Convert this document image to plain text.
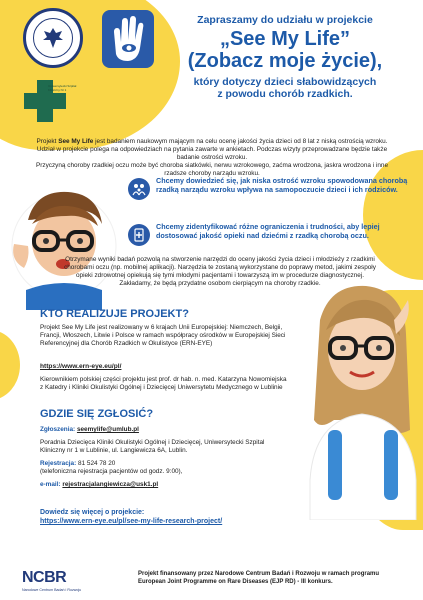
Uniwersytecki Szpital Kliniczny Nr 1
Zapraszamy do udziału w projekcie
„See My Life”
(Zobacz moje życie),
który dotyczy dzieci słabowidzących
z powodu chorób rzadkich.

Projekt See My Life jest badaniem naukowym mającym na celu ocenę jakości życia dzieci od 8 lat z niską ostrością wzroku. Udział w projekcie polega na odpowiedziach na pytania zawarte w ankietach. Podczas wizyty przeprowadzane będzie także badanie ostrości wzroku.

Przyczyną choroby rzadkiej oczu może być choroba siatkówki, nerwu wzrokowego, zaćma wrodzona, jaskra wrodzona i inne rzadsze choroby narządu wzroku.

Chcemy dowiedzieć się, jak niska ostrość wzroku spowodowana chorobą rzadką narządu wzroku wpływa na samopoczucie dzieci i ich rodziców.
Chcemy zidentyfikować różne ograniczenia i trudności, aby lepiej dostosować jakość opieki nad dziećmi z rzadką chorobą oczu.
Otrzymane wyniki badań pozwolą na stworzenie narzędzi do oceny jakości życia dzieci i młodzieży z rzadkimi chorobami oczu (np. mobilnej aplikacji). Narzędzia te zostaną wykorzystane do poprawy metod, jakimi zespoły opieki zdrowotnej opiekują się tymi młodymi pacjentami i towarzyszą im w procedurze diagnostycznej. Zakładamy, że będą przydatne osobom cierpiącym na choroby rzadkie.
KTO REALIZUJE PROJEKT?
Projekt See My Life jest realizowany w 6 krajach Unii Europejskiej: Niemczech, Belgii, Francji, Włoszech, Litwie i Polsce w ramach współpracy ośrodków w Europejskiej Sieci Referencyjnej dla Chorób Rzadkich w Okulistyce (ERN-EYE)
https://www.ern-eye.eu/pl/
Kierownikiem polskiej części projektu jest prof. dr hab. n. med. Katarzyna Nowomiejska z Katedry i Kliniki Okulistyki Ogólnej i Dziecięcej Uniwersytetu Medycznego w Lublinie
GDZIE SIĘ ZGŁOSIĆ?

Zgłoszenia: seemylife@umlub.pl

Poradnia Dziecięca Kliniki Okulistyki Ogólnej i Dziecięcej, Uniwersytecki Szpital Kliniczny nr 1 w Lublinie, ul. Langiewicza 6A, Lublin.

Rejestracja: 81 524 78 20

(telefoniczna rejestracja pacjentów od godz. 9:00),

e-mail: rejestracjalangiewicza@usk1.pl

Dowiedz się więcej o projekcie:
https://www.ern-eye.eu/pl/see-my-life-research-project/
NCBR
Narodowe Centrum Badań i Rozwoju
Projekt finansowany przez Narodowe Centrum Badań i Rozwoju w ramach programu European Joint Programme on Rare Diseases (EJP RD) - III konkurs.
